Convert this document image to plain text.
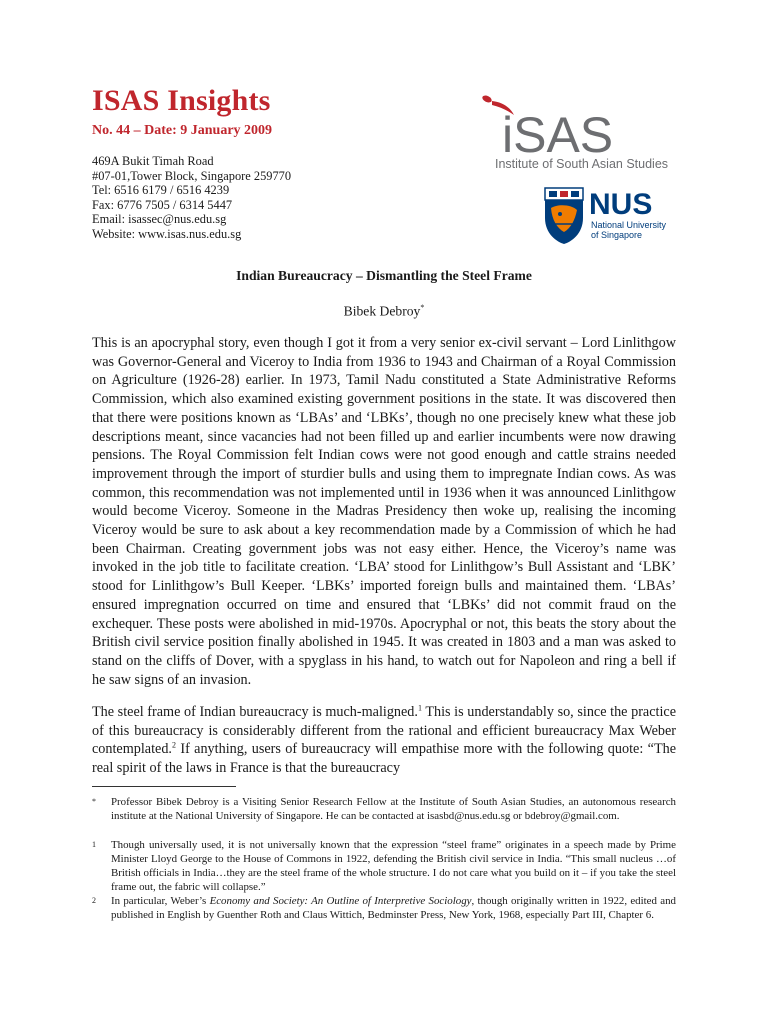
ISAS Insights
No. 44 – Date: 9 January 2009
469A Bukit Timah Road
#07-01,Tower Block, Singapore 259770
Tel: 6516 6179 / 6516 4239
Fax: 6776 7505 / 6314 5447
Email: isassec@nus.edu.sg
Website: www.isas.nus.edu.sg
iSAS
Institute of South Asian Studies
NUS
National University
of Singapore
Indian Bureaucracy – Dismantling the Steel Frame
Bibek Debroy*
This is an apocryphal story, even though I got it from a very senior ex-civil servant – Lord Linlithgow was Governor-General and Viceroy to India from 1936 to 1943 and Chairman of a Royal Commission on Agriculture (1926-28) earlier. In 1973, Tamil Nadu constituted a State Administrative Reforms Commission, which also examined existing government positions in the state. It was discovered then that there were positions known as ‘LBAs’ and ‘LBKs’, though no one precisely knew what these job descriptions meant, since vacancies had not been filled up and earlier incumbents were now drawing pensions. The Royal Commission felt Indian cows were not good enough and cattle strains needed improvement through the import of sturdier bulls and using them to impregnate Indian cows. As was common, this recommendation was not implemented until in 1936 when it was announced Linlithgow would become Viceroy. Someone in the Madras Presidency then woke up, realising the incoming Viceroy would be sure to ask about a key recommendation made by a Commission of which he had been Chairman. Creating government jobs was not easy either. Hence, the Viceroy’s name was invoked in the job title to facilitate creation. ‘LBA’ stood for Linlithgow’s Bull Assistant and ‘LBK’ stood for Linlithgow’s Bull Keeper. ‘LBKs’ imported foreign bulls and maintained them. ‘LBAs’ ensured impregnation occurred on time and ensured that ‘LBKs’ did not commit fraud on the exchequer. These posts were abolished in mid-1970s. Apocryphal or not, this beats the story about the British civil service position finally abolished in 1945. It was created in 1803 and a man was asked to stand on the cliffs of Dover, with a spyglass in his hand, to watch out for Napoleon and ring a bell if he saw signs of an invasion.
The steel frame of Indian bureaucracy is much-maligned.$^1$ This is understandably so, since the practice of this bureaucracy is considerably different from the rational and efficient bureaucracy Max Weber contemplated.$^2$ If anything, users of bureaucracy will empathise more with the following quote: “The real spirit of the laws in France is that the bureaucracy
* Professor Bibek Debroy is a Visiting Senior Research Fellow at the Institute of South Asian Studies, an autonomous research institute at the National University of Singapore. He can be contacted at isasbd@nus.edu.sg or bdebroy@gmail.com.
1 Though universally used, it is not universally known that the expression “steel frame” originates in a speech made by Prime Minister Lloyd George to the House of Commons in 1922, defending the British civil service in India. “This small nucleus …of British officials in India…they are the steel frame of the whole structure. I do not care what you build on it – if you take the steel frame out, the fabric will collapse.”
2 In particular, Weber’s Economy and Society: An Outline of Interpretive Sociology, though originally written in 1922, edited and published in English by Guenther Roth and Claus Wittich, Bedminster Press, New York, 1968, especially Part III, Chapter 6.
